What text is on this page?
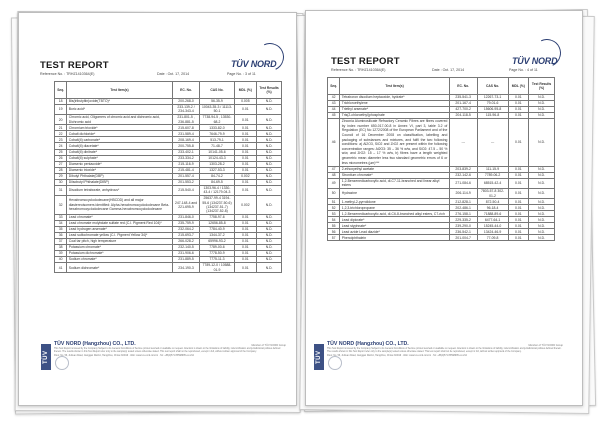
TEST REPORT
Reference No. : TRHZ1410364(E)	Date : Oct. 17, 2014	Page No. : 3 of 11
TÜV NORD
Seq.	Test Item(s)	EC. No.	CAS No.	MDL (%)	Test Results (%)
18	Bis(tributyltin)oxide(TBTO)*	200-268-0	56-35-9	0.005	N.D.
19	Boric acid*	233-139-2 / 234-343-4	10043-35-3 / 11113-50-1	0.01	N.D.
20	Chromic acid, Oligomers of chromic acid and dichromic acid, Dichromic acid	231-801-5 , 236-881-5	7738-94-5 , 13530-68-2	0.01	N.D.
21	Chromium trioxide*	215-607-8	1333-82-0	0.01	N.D.
22	Cobalt dichloride*	231-589-4	7646-79-9	0.01	N.D.
23	Cobalt(II) carbonate*	208-169-4	513-79-1	0.01	N.D.
24	Cobalt(II) diacetate*	200-755-8	71-48-7	0.01	N.D.
25	Cobalt(II) dinitrate*	233-402-1	10141-05-6	0.01	N.D.
26	Cobalt(II) sulphate*	233-334-2	10124-43-3	0.01	N.D.
27	Diarsenic pentaoxide*	215-116-9	1303-28-2	0.01	N.D.
28	Diarsenic trioxide*	215-481-4	1327-53-3	0.01	N.D.
29	Dibutyl Phthalate(DBP)	201-557-4	84-74-2	0.002	N.D.
30	Diisobutyl Phthalate(DIBP)	201-553-2	84-69-5	0.01	N.D.
31	Disodium tetraborate, anhydrous*	215-540-4	1303-96-4 / 1330-43-4 / 12179-04-3	0.01	N.D.
32	Hexabromocyclododecane(HBCDD) and all major diastereoisomers identified: Alpha-hexabromocyclododecane Beta-hexabromocyclododecane Gamma-hexabromocyclododecane	247-148-4 and 221-695-9	25637-99-4 3194-55-6 (134237-50-6) (134237-51-7) (134237-52-8)	0.002	N.D.
33	Lead chromate*	231-846-0	7758-97-6	0.01	N.D.
34	Lead chromate molybdate sulfate red (C.I. Pigment Red 104)*	235-759-9	12656-85-8	0.01	N.D.
35	Lead hydrogen arsenate*	232-064-2	7784-40-9	0.01	N.D.
36	Lead sulfochromate yellow (C.I. Pigment Yellow 34)*	215-693-7	1344-37-2	0.01	N.D.
37	Coal tar pitch, high temperature	266-028-2	65996-93-2	0.01	N.D.
38	Potassium chromate*	232-140-5	7789-00-6	0.01	N.D.
39	Potassium dichromate*	231-906-6	7778-50-9	0.01	N.D.
40	Sodium chromate*	231-889-5	7775-11-3	0.01	N.D.
41	Sodium dichromate*	234-190-3	7789-12-0 / 10588-01-9	0.01	N.D.
TÜV
TÜV NORD (Hangzhou) CO., LTD.	Member of TÜV NORD Group
This Test Report is issued by the Company Subject to its General Conditions of Service printed overleaf or available on request. Attention is drawn to the limitations of liability, indemnification and jurisdictional policies defined therein. The results shown in this Test Report refer only to the sample(s) tested unless otherwise stated. This test report shall not be reproduced, except in full, without written approval of the Company.
Floor, No. 56, Jiuhuan Road, Jianggan District, Hangzhou, China 310019 · Web: www.tuv-nord.com/cn · Tel: +86(0)571 85598985 ext.212
TEST REPORT
Reference No. : TRHZ1410364(E)	Date : Oct. 17, 2014	Page No. : 4 of 11
TÜV NORD
Seq.	Test Item(s)	EC. No.	CAS No.	MDL (%)	Test Results (%)
42	Tetraboron disodium heptaoxide, hydrate*	235-541-3	12267-73-1	0.01	N.D.
43	Trichloroethylene	201-167-4	79-01-6	0.01	N.D.
44	Triethyl arsenate*	427-700-2	15606-95-8	0.01	N.D.
45	Tris(2-chloroethyl)phosphate	204-118-5	115-96-8	0.01	N.D.
46	Zirconia Aluminosilicate Refractory Ceramic Fibres are fibres covered by index number 650-017-00-8 in Annex VI, part 3, table 3.2 of Regulation (EC) No 1272/2008 of the European Parliament and of the Council of 16 December 2008 on classification, labelling and packaging of substances and mixtures, and fulfil the two following conditions: a) Al2O3, SiO2 and ZrO2 are present within the following concentration ranges: Al2O3: 35 – 36 % w/w, and SiO2: 47.5 – 50 % w/w, and ZrO2: 15 – 17 % w/w, b) fibres have a length weighted geometric mean diameter less two standard geometric errors of 6 or less micrometres (µm)***	---	---	0.01	N.D.
47	2-ethoxyethyl acetate	203-839-2	111-15-9	0.01	N.D.
48	Strontium chromate*	232-142-6	7789-06-2	0.01	N.D.
49	1,2-Benzenedicarboxylic acid, di-C7-11-branched and linear alkyl esters	271-084-6	68515-42-4	0.01	N.D.
50	Hydrazine	206-114-9	7803-57-8 302-01-2	0.01	N.D.
51	1-methyl-2-pyrrolidone	212-828-1	872-50-4	0.01	N.D.
52	1,2,3-trichloropropane	202-486-1	96-18-4	0.01	N.D.
53	1,2-Benzenedicarboxylic acid, di-C6-8-branched alkyl esters, C7-rich	276-158-1	71888-89-6	0.01	N.D.
54	Lead dipicrate*	229-335-2	6477-64-1	0.01	N.D.
55	Lead styphnate*	239-290-0	15245-44-0	0.01	N.D.
56	Lead azide Lead diazide*	236-542-1	13424-46-9	0.01	N.D.
57	Phenolphthalein	201-004-7	77-09-8	0.01	N.D.
TÜV
TÜV NORD (Hangzhou) CO., LTD.	Member of TÜV NORD Group
This Test Report is issued by the Company Subject to its General Conditions of Service printed overleaf or available on request. Attention is drawn to the limitations of liability, indemnification and jurisdictional policies defined therein. The results shown in this Test Report refer only to the sample(s) tested unless otherwise stated. This test report shall not be reproduced, except in full, without written approval of the Company.
Floor, No. 56, Jiuhuan Road, Jianggan District, Hangzhou, China 310019 · Web: www.tuv-nord.com/cn · Tel: +86(0)571 85598985 ext.212
